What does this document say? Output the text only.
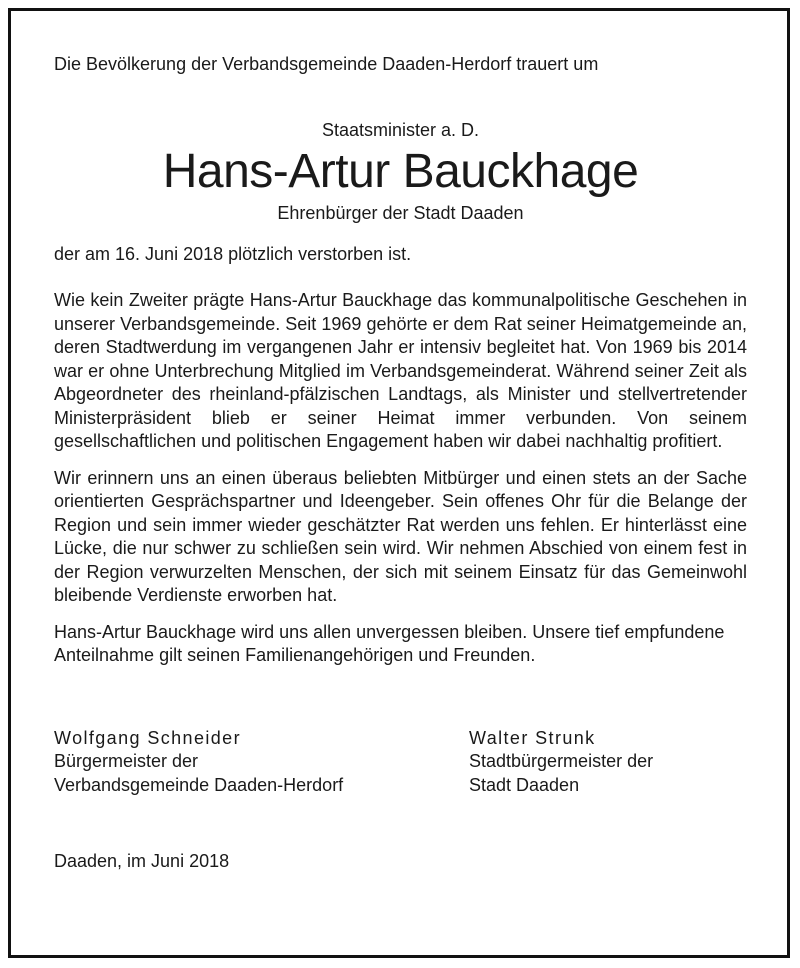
Die Bevölkerung der Verbandsgemeinde Daaden-Herdorf trauert um

Staatsminister a. D.

Hans-Artur Bauckhage

Ehrenbürger der Stadt Daaden

der am 16. Juni 2018 plötzlich verstorben ist.

Wie kein Zweiter prägte Hans-Artur Bauckhage das kommunalpolitische Geschehen in unserer Verbandsgemeinde. Seit 1969 gehörte er dem Rat seiner Heimatgemeinde an, deren Stadtwerdung im vergangenen Jahr er intensiv begleitet hat. Von 1969 bis 2014 war er ohne Unterbrechung Mitglied im Verbandsgemeinderat. Während seiner Zeit als Abgeordneter des rheinland-pfälzischen Landtags, als Minister und stellvertretender Ministerpräsident blieb er seiner Heimat immer verbunden. Von seinem gesellschaftlichen und politischen Engagement haben wir dabei nachhaltig profitiert.

Wir erinnern uns an einen überaus beliebten Mitbürger und einen stets an der Sache orientierten Gesprächspartner und Ideengeber. Sein offenes Ohr für die Belange der Region und sein immer wieder geschätzter Rat werden uns fehlen. Er hinterlässt eine Lücke, die nur schwer zu schließen sein wird. Wir nehmen Abschied von einem fest in der Region verwurzelten Menschen, der sich mit seinem Einsatz für das Gemeinwohl bleibende Verdienste erworben hat.

Hans-Artur Bauckhage wird uns allen unvergessen bleiben. Unsere tief empfundene Anteilnahme gilt seinen Familienangehörigen und Freunden.

Wolfgang Schneider
Bürgermeister der
Verbandsgemeinde Daaden-Herdorf
Walter Strunk
Stadtbürgermeister der
Stadt Daaden

Daaden, im Juni 2018
